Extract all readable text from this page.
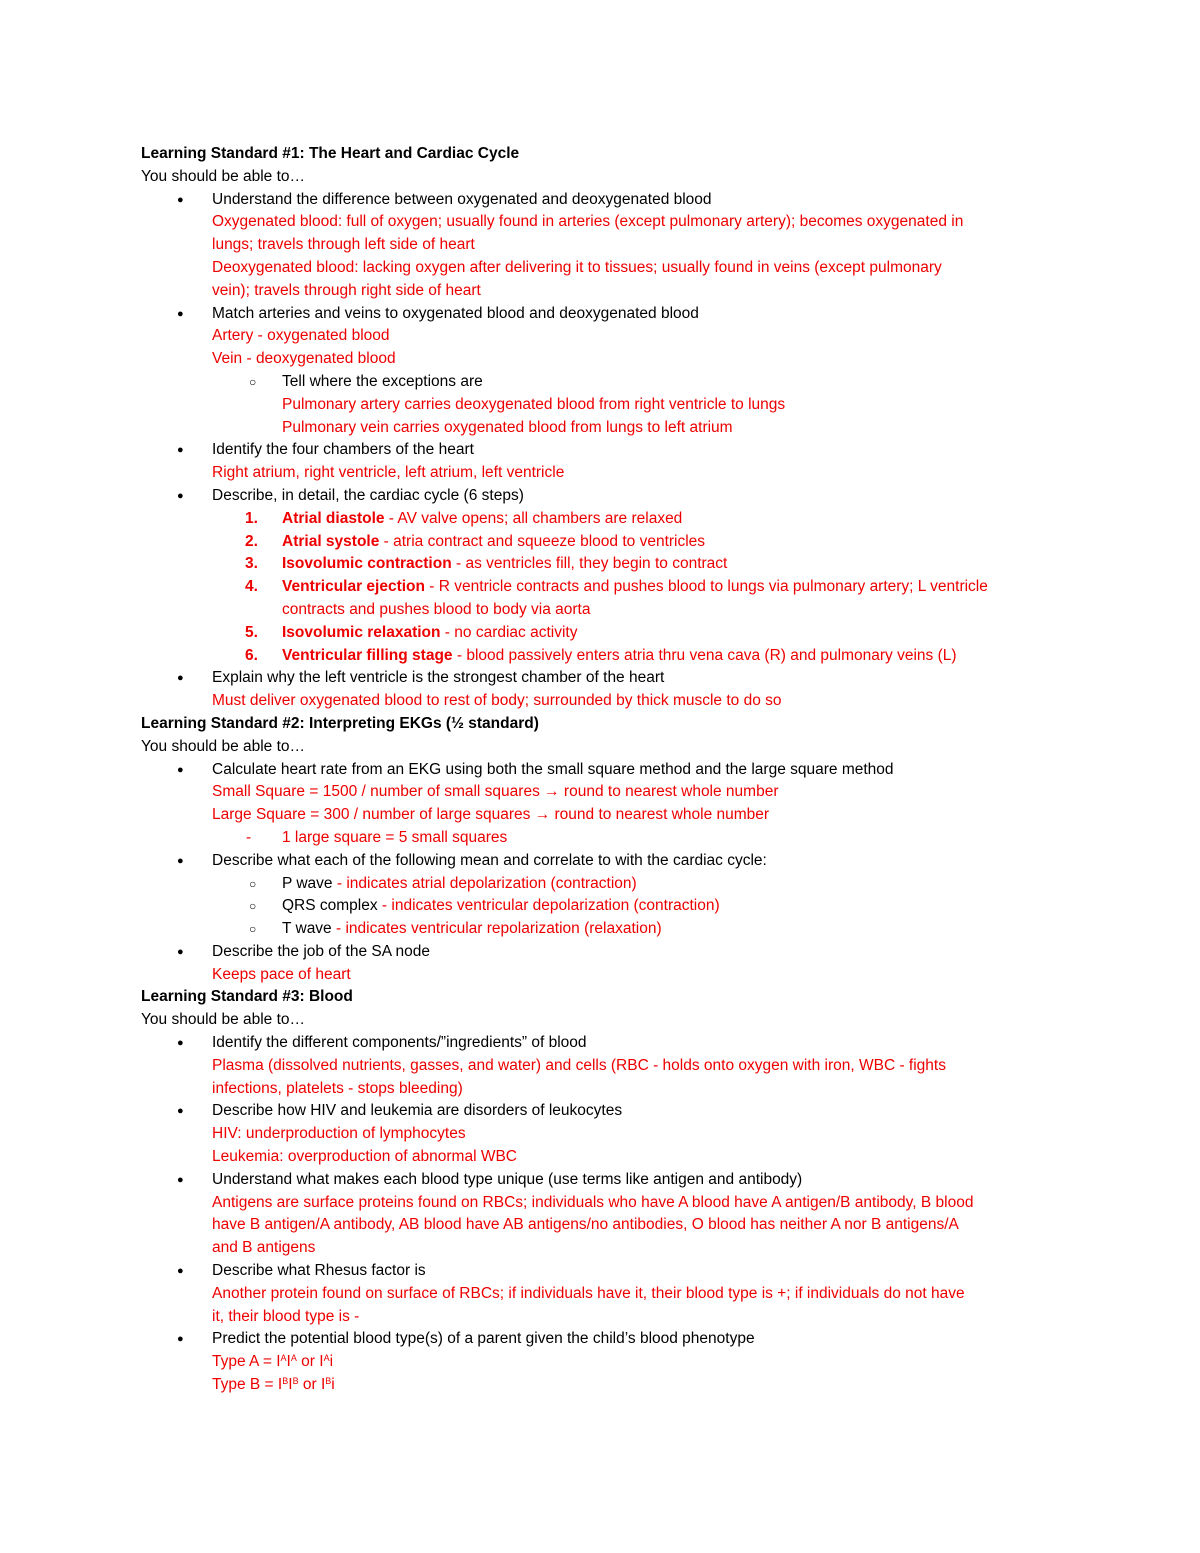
Learning Standard #1: The Heart and Cardiac Cycle
You should be able to…
● Understand the difference between oxygenated and deoxygenated blood
Oxygenated blood: full of oxygen; usually found in arteries (except pulmonary artery); becomes oxygenated in
lungs; travels through left side of heart
Deoxygenated blood: lacking oxygen after delivering it to tissues; usually found in veins (except pulmonary
vein); travels through right side of heart
● Match arteries and veins to oxygenated blood and deoxygenated blood
Artery - oxygenated blood
Vein - deoxygenated blood
○ Tell where the exceptions are
Pulmonary artery carries deoxygenated blood from right ventricle to lungs
Pulmonary vein carries oxygenated blood from lungs to left atrium
● Identify the four chambers of the heart
Right atrium, right ventricle, left atrium, left ventricle
● Describe, in detail, the cardiac cycle (6 steps)
1. Atrial diastole - AV valve opens; all chambers are relaxed
2. Atrial systole - atria contract and squeeze blood to ventricles
3. Isovolumic contraction - as ventricles fill, they begin to contract
4. Ventricular ejection - R ventricle contracts and pushes blood to lungs via pulmonary artery; L ventricle
contracts and pushes blood to body via aorta
5. Isovolumic relaxation - no cardiac activity
6. Ventricular filling stage - blood passively enters atria thru vena cava (R) and pulmonary veins (L)
● Explain why the left ventricle is the strongest chamber of the heart
Must deliver oxygenated blood to rest of body; surrounded by thick muscle to do so
Learning Standard #2: Interpreting EKGs (½ standard)
You should be able to…
● Calculate heart rate from an EKG using both the small square method and the large square method
Small Square = 1500 / number of small squares → round to nearest whole number
Large Square = 300 / number of large squares → round to nearest whole number
- 1 large square = 5 small squares
● Describe what each of the following mean and correlate to with the cardiac cycle:
○ P wave - indicates atrial depolarization (contraction)
○ QRS complex - indicates ventricular depolarization (contraction)
○ T wave - indicates ventricular repolarization (relaxation)
● Describe the job of the SA node
Keeps pace of heart
Learning Standard #3: Blood
You should be able to…
● Identify the different components/”ingredients” of blood
Plasma (dissolved nutrients, gasses, and water) and cells (RBC - holds onto oxygen with iron, WBC - fights
infections, platelets - stops bleeding)
● Describe how HIV and leukemia are disorders of leukocytes
HIV: underproduction of lymphocytes
Leukemia: overproduction of abnormal WBC
● Understand what makes each blood type unique (use terms like antigen and antibody)
Antigens are surface proteins found on RBCs; individuals who have A blood have A antigen/B antibody, B blood
have B antigen/A antibody, AB blood have AB antigens/no antibodies, O blood has neither A nor B antigens/A
and B antigens
● Describe what Rhesus factor is
Another protein found on surface of RBCs; if individuals have it, their blood type is +; if individuals do not have
it, their blood type is -
● Predict the potential blood type(s) of a parent given the child’s blood phenotype
Type $A = I^AI^A$ or $I^Ai$
Type $B = I^BI^B$ or $I^Bi$
